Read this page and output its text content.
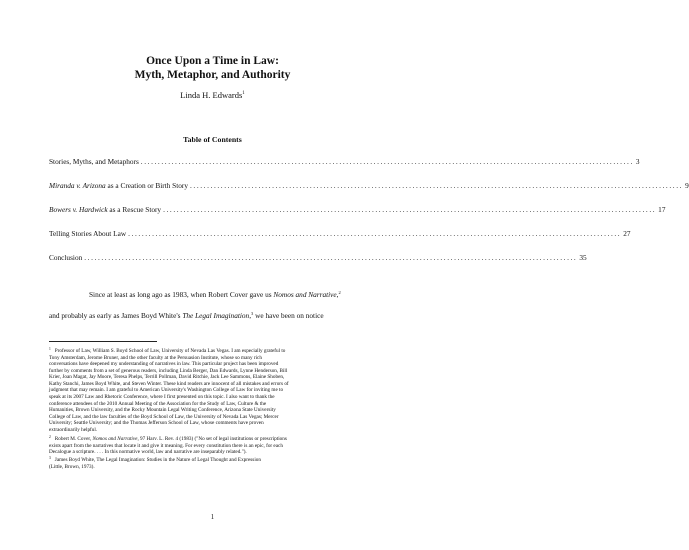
Once Upon a Time in Law:
Myth, Metaphor, and Authority
Linda H. Edwards$^1$
Table of Contents
Stories, Myths, and Metaphors ................................................................................................................................................ 3
Miranda v. Arizona as a Creation or Birth Story ................................................................................................................................................ 9
Bowers v. Hardwick as a Rescue Story ................................................................................................................................................ 17
Telling Stories About Law ................................................................................................................................................ 27
Conclusion ................................................................................................................................................ 35
Since at least as long ago as 1983, when Robert Cover gave us Nomos and Narrative,$^2$
and probably as early as James Boyd White's The Legal Imagination,$^3$ we have been on notice
$^1$ Professor of Law, William S. Boyd School of Law, University of Nevada Las Vegas. I am especially grateful to
Tony Amsterdam, Jerome Bruner, and the other faculty at the Persuasion Institute, whose so many rich
conversations have deepened my understanding of narratives in law. This particular project has been improved
further by comments from a set of generous readers, including Linda Berger, Dan Edwards, Lynne Henderson, Bill
Krier, Joan Magat, Jay Moore, Teresa Phelps, Terrill Pollman, David Ritchie, Jack Lee Sammons, Elaine Shoben,
Kathy Stanchi, James Boyd White, and Steven Winter. These kind readers are innocent of all mistakes and errors of
judgment that may remain. I am grateful to American University's Washington College of Law for inviting me to
speak at its 2007 Law and Rhetoric Conference, where I first presented on this topic. I also want to thank the
conference attendees of the 2010 Annual Meeting of the Association for the Study of Law, Culture & the
Humanities, Brown University, and the Rocky Mountain Legal Writing Conference, Arizona State University
College of Law, and the law faculties of the Boyd School of Law, the University of Nevada Las Vegas; Mercer
University; Seattle University; and the Thomas Jefferson School of Law, whose comments have proven
extraordinarily helpful.
$^2$ Robert M. Cover, Nomos and Narrative, 97 Harv. L. Rev. 4 (1983) ("No set of legal institutions or prescriptions
exists apart from the narratives that locate it and give it meaning. For every constitution there is an epic, for each
Decalogue a scripture. . . . In this normative world, law and narrative are inseparably related.").
$^3$ James Boyd White, The Legal Imagination: Studies in the Nature of Legal Thought and Expression
(Little, Brown, 1973).
1
